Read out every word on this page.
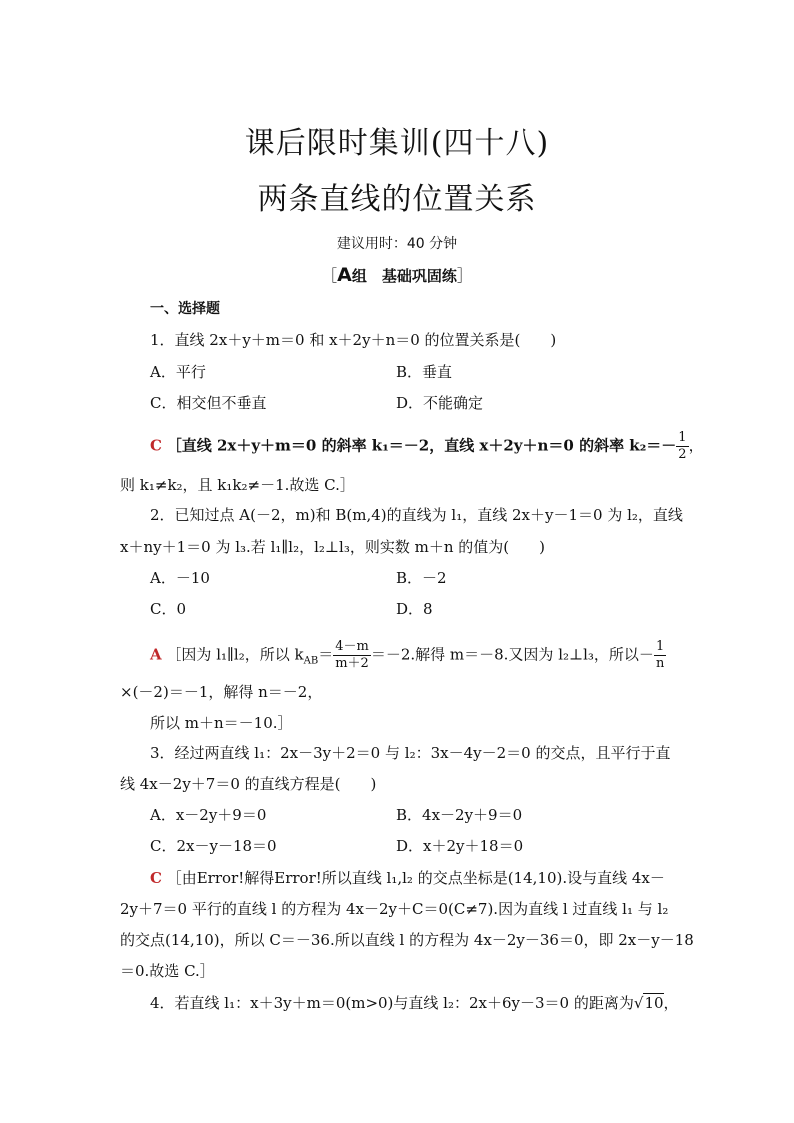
课后限时集训(四十八)
两条直线的位置关系
建议用时：40 分钟
［A组　基础巩固练］
一、选择题
1．直线 2x＋y＋m＝0 和 x＋2y＋n＝0 的位置关系是(　　)
A．平行	B．垂直
C．相交但不垂直	D．不能确定
C ［直线 2x＋y＋m＝0 的斜率 k₁＝－2，直线 x＋2y＋n＝0 的斜率 $k_2=- \frac{1}{2}$ ，
则 k₁≠k₂，且 k₁k₂≠－1.故选 C.］
2．已知过点 A(－2，m)和 B(m,4)的直线为 l₁，直线 2x＋y－1＝0 为 l₂，直线
x＋ny＋1＝0 为 l₃.若 l₁∥l₂，l₂⊥l₃，则实数 m＋n 的值为(　　)
A．－10	B．－2
C．0	D．8
A ［因为 l₁∥l₂，所以 $k_{AB}= \frac{4-m}{m+2} =-2$.解得 m＝－8.又因为 l₂⊥l₃，所以－ $\frac{1}{n}$
×(－2)＝－1，解得 n＝－2，
所以 m＋n＝－10.］
3．经过两直线 l₁：2x－3y＋2＝0 与 l₂：3x－4y－2＝0 的交点，且平行于直
线 4x－2y＋7＝0 的直线方程是(　　)
A．x－2y＋9＝0	B．4x－2y＋9＝0
C．2x－y－18＝0	D．x＋2y＋18＝0
C ［由Error!解得Error!所以直线 l₁,l₂ 的交点坐标是(14,10).设与直线 4x－
2y＋7＝0 平行的直线 l 的方程为 4x－2y＋C＝0(C≠7).因为直线 l 过直线 l₁ 与 l₂
的交点(14,10)，所以 C＝－36.所以直线 l 的方程为 4x－2y－36＝0，即 2x－y－18
＝0.故选 C.］
4．若直线 l₁：x＋3y＋m＝0(m>0)与直线 l₂：2x＋6y－3＝0 的距离为√10，
